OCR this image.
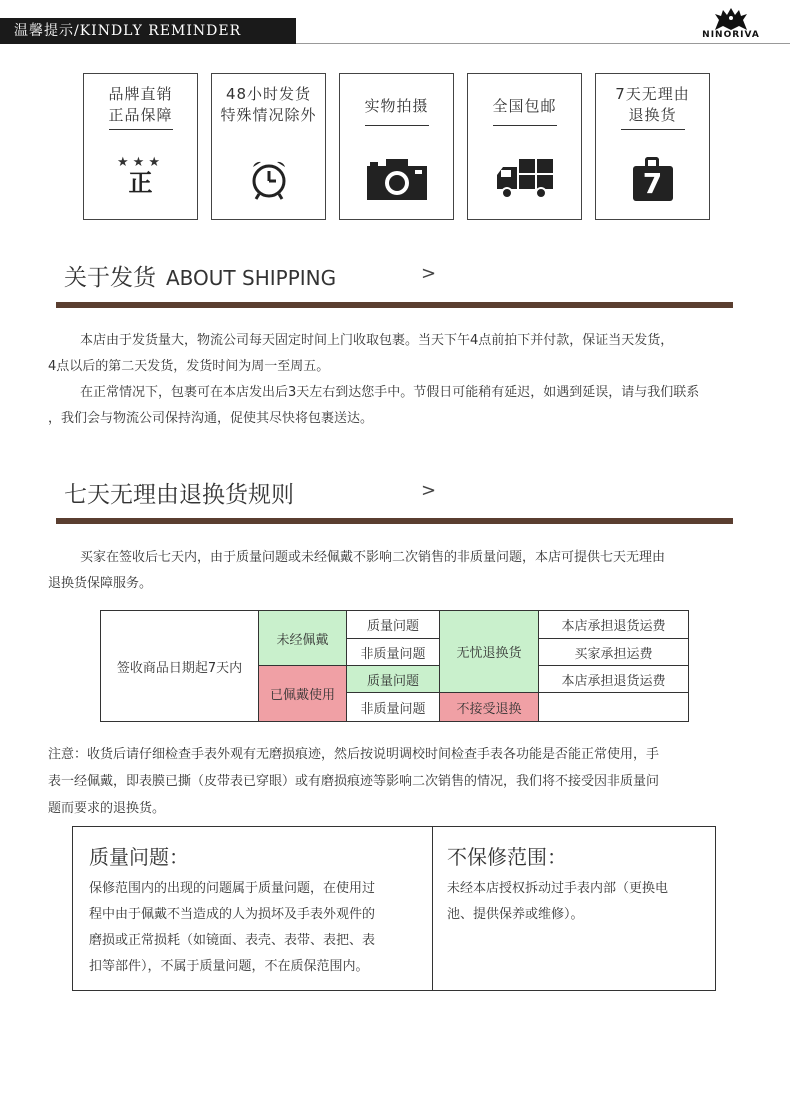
温馨提示/KINDLY REMINDER	NINORIVA
品牌直销
正品保障
★★★
正
48小时发货
特殊情况除外	实物拍摄	全国包邮
7天无理由
退换货
7
关于发货 ABOUT SHIPPING	>

本店由于发货量大，物流公司每天固定时间上门收取包裹。当天下午4点前拍下并付款，保证当天发货，

4点以后的第二天发货，发货时间为周一至周五。

在正常情况下，包裹可在本店发出后3天左右到达您手中。节假日可能稍有延迟，如遇到延误，请与我们联系

，我们会与物流公司保持沟通，促使其尽快将包裹送达。

七天无理由退换货规则	>

买家在签收后七天内，由于质量问题或未经佩戴不影响二次销售的非质量问题，本店可提供七天无理由

退换货保障服务。

签收商品日期起7天内	未经佩戴	质量问题	无忧退换货	本店承担退货运费
		非质量问题		买家承担运费
	已佩戴使用	质量问题		本店承担退货运费
		非质量问题	不接受退换	
注意：收货后请仔细检查手表外观有无磨损痕迹，然后按说明调校时间检查手表各功能是否能正常使用，手
表一经佩戴，即表膜已撕（皮带表已穿眼）或有磨损痕迹等影响二次销售的情况，我们将不接受因非质量问
题而要求的退换货。
质量问题：
保修范围内的出现的问题属于质量问题，在使用过
程中由于佩戴不当造成的人为损坏及手表外观件的
磨损或正常损耗（如镜面、表壳、表带、表把、表
扣等部件），不属于质量问题，不在质保范围内。
不保修范围：
未经本店授权拆动过手表内部（更换电
池、提供保养或维修）。
